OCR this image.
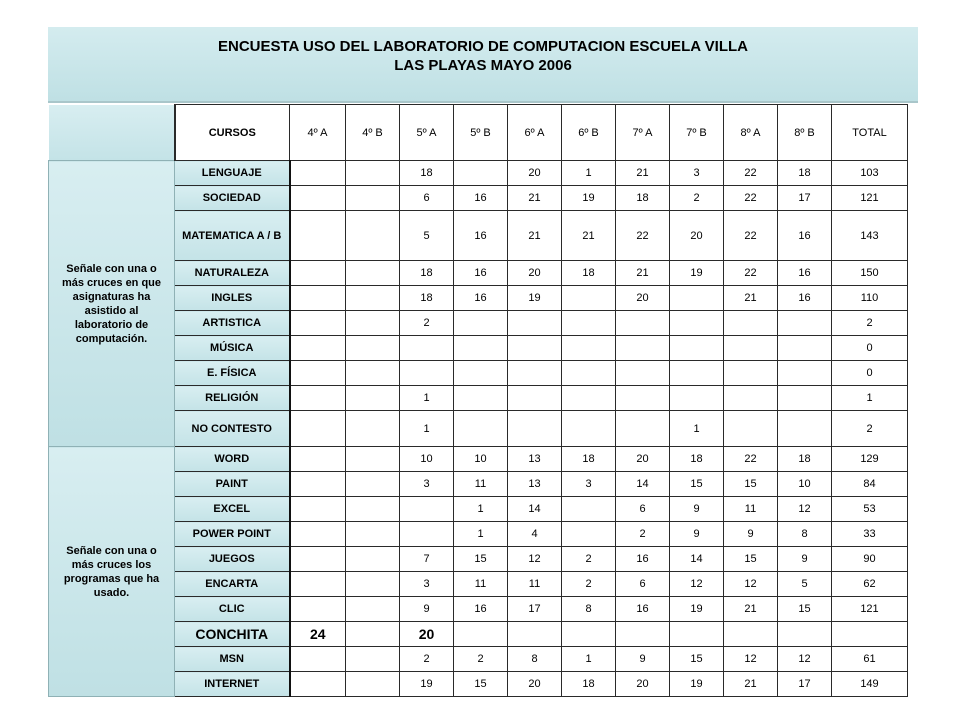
ENCUESTA USO DEL LABORATORIO DE COMPUTACION ESCUELA VILLA
LAS PLAYAS MAYO 2006
	CURSOS	4º A	4º B	5º A	5º B	6º A	6º B	7º A	7º B	8º A	8º B	TOTAL
Señale con una o más cruces en que asignaturas ha asistido al laboratorio de computación.	LENGUAJE			18		20	1	21	3	22	18	103
	SOCIEDAD			6	16	21	19	18	2	22	17	121
	MATEMATICA A / B			5	16	21	21	22	20	22	16	143
	NATURALEZA			18	16	20	18	21	19	22	16	150
	INGLES			18	16	19		20		21	16	110
	ARTISTICA			2								2
	MÚSICA											0
	E. FÍSICA											0
	RELIGIÓN			1								1
	NO CONTESTO			1					1			2
Señale con una o más cruces los programas que ha usado.	WORD			10	10	13	18	20	18	22	18	129
	PAINT			3	11	13	3	14	15	15	10	84
	EXCEL				1	14		6	9	11	12	53
	POWER POINT				1	4		2	9	9	8	33
	JUEGOS			7	15	12	2	16	14	15	9	90
	ENCARTA			3	11	11	2	6	12	12	5	62
	CLIC			9	16	17	8	16	19	21	15	121
	CONCHITA	24		20								
	MSN			2	2	8	1	9	15	12	12	61
	INTERNET			19	15	20	18	20	19	21	17	149
